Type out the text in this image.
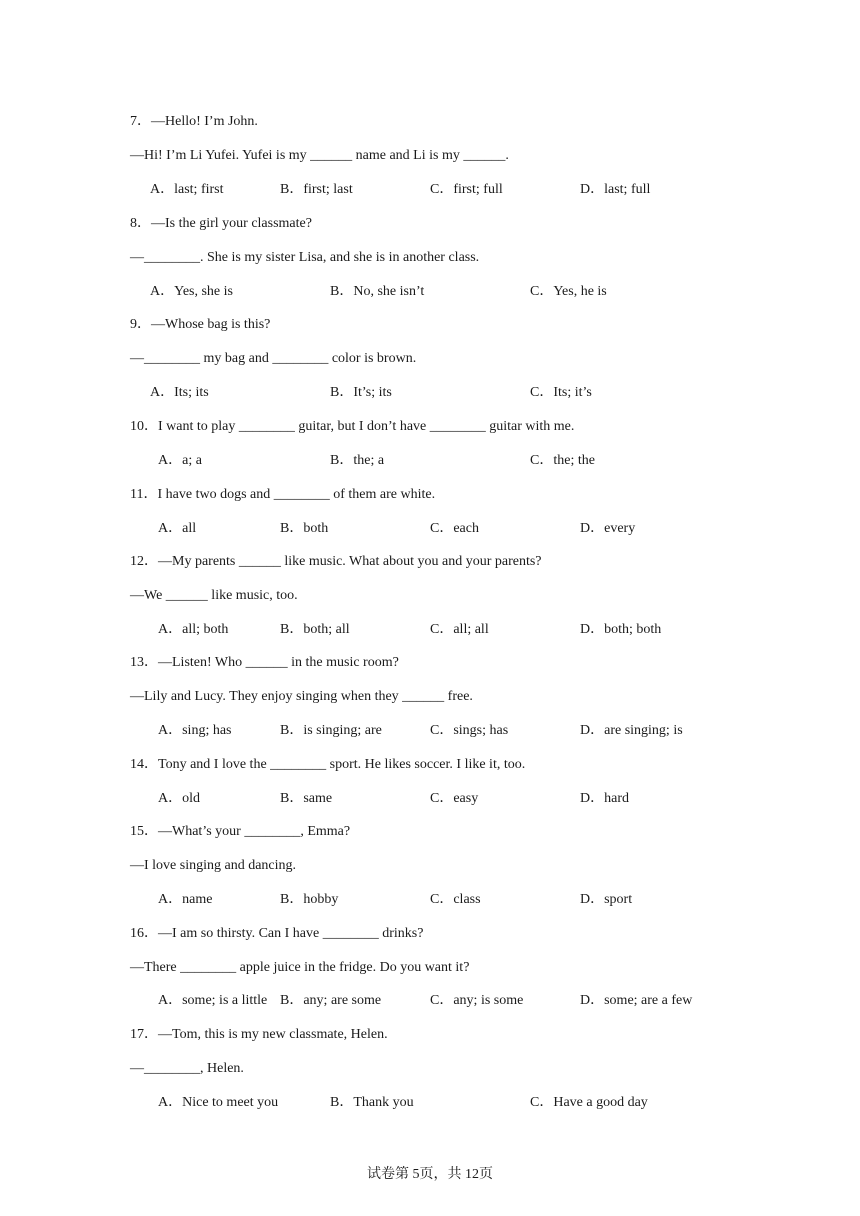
7．—Hello! I’m John.
—Hi! I’m Li Yufei. Yufei is my ______ name and Li is my ______.
A．last; first	B．first; last	C．first; full	D．last; full
8．—Is the girl your classmate?
—________. She is my sister Lisa, and she is in another class.
A．Yes, she is	B．No, she isn’t	C．Yes, he is
9．—Whose bag is this?
—________ my bag and ________ color is brown.
A．Its; its	B．It’s; its	C．Its; it’s
10．I want to play ________ guitar, but I don’t have ________ guitar with me.
A．a; a	B．the; a	C．the; the
11．I have two dogs and ________ of them are white.
A．all	B．both	C．each	D．every
12．—My parents ______ like music. What about you and your parents?
—We ______ like music, too.
A．all; both	B．both; all	C．all; all	D．both; both
13．—Listen! Who ______ in the music room?
—Lily and Lucy. They enjoy singing when they ______ free.
A．sing; has	B．is singing; are	C．sings; has	D．are singing; is
14．Tony and I love the ________ sport. He likes soccer. I like it, too.
A．old	B．same	C．easy	D．hard
15．—What’s your ________, Emma?
—I love singing and dancing.
A．name	B．hobby	C．class	D．sport
16．—I am so thirsty. Can I have ________ drinks?
—There ________ apple juice in the fridge. Do you want it?
A．some; is a little B．any; are some	C．any; is some	D．some; are a few
17．—Tom, this is my new classmate, Helen.
—________, Helen.
A．Nice to meet you	B．Thank you	C．Have a good day
试卷第 5页，共 12页
